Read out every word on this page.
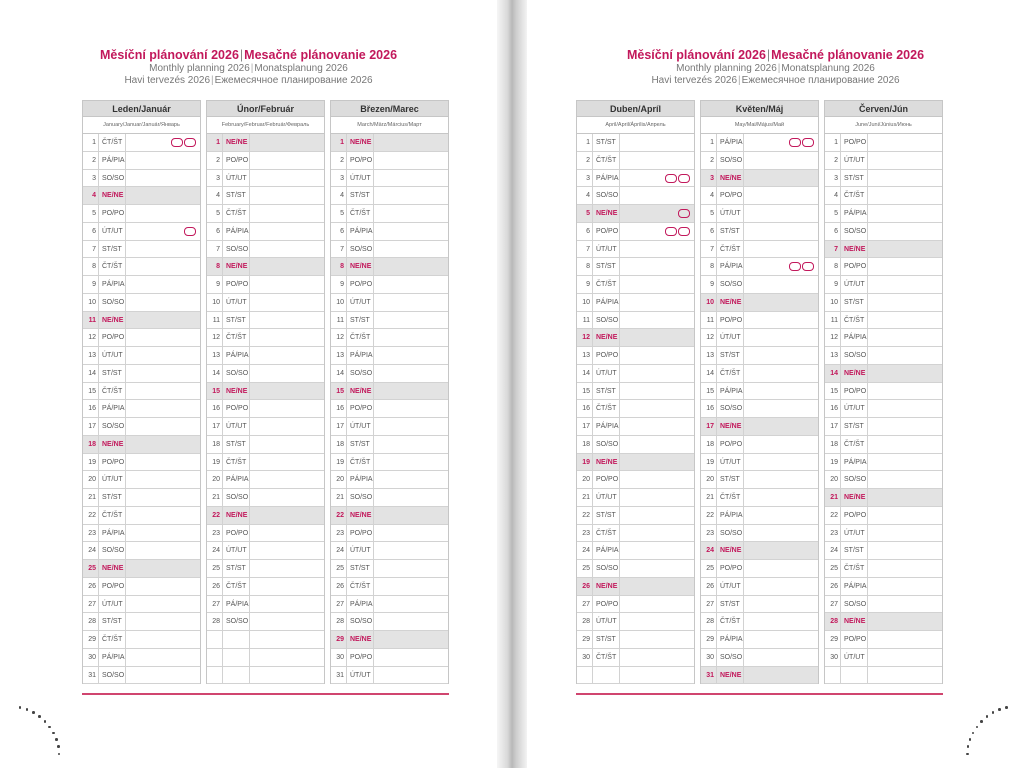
Měsíční plánování 2026|Mesačné plánovanie 2026
Monthly planning 2026|Monatsplanung 2026
Havi tervezés 2026|Ежемесячное планирование 2026
Leden/Január
January/Januar/Január/Январь
1 ČT/ŠT
2 PÁ/PIA
3 SO/SO
4 NE/NE
5 PO/PO
6 ÚT/UT
7 ST/ST
8 ČT/ŠT
9 PÁ/PIA
10 SO/SO
11 NE/NE
12 PO/PO
13 ÚT/UT
14 ST/ST
15 ČT/ŠT
16 PÁ/PIA
17 SO/SO
18 NE/NE
19 PO/PO
20 ÚT/UT
21 ST/ST
22 ČT/ŠT
23 PÁ/PIA
24 SO/SO
25 NE/NE
26 PO/PO
27 ÚT/UT
28 ST/ST
29 ČT/ŠT
30 PÁ/PIA
31 SO/SO
Únor/Február
February/Februar/Február/Февраль
1 NE/NE
2 PO/PO
3 ÚT/UT
4 ST/ST
5 ČT/ŠT
6 PÁ/PIA
7 SO/SO
8 NE/NE
9 PO/PO
10 ÚT/UT
11 ST/ST
12 ČT/ŠT
13 PÁ/PIA
14 SO/SO
15 NE/NE
16 PO/PO
17 ÚT/UT
18 ST/ST
19 ČT/ŠT
20 PÁ/PIA
21 SO/SO
22 NE/NE
23 PO/PO
24 ÚT/UT
25 ST/ST
26 ČT/ŠT
27 PÁ/PIA
28 SO/SO
Březen/Marec
March/März/Március/Март
1 NE/NE
2 PO/PO
3 ÚT/UT
4 ST/ST
5 ČT/ŠT
6 PÁ/PIA
7 SO/SO
8 NE/NE
9 PO/PO
10 ÚT/UT
11 ST/ST
12 ČT/ŠT
13 PÁ/PIA
14 SO/SO
15 NE/NE
16 PO/PO
17 ÚT/UT
18 ST/ST
19 ČT/ŠT
20 PÁ/PIA
21 SO/SO
22 NE/NE
23 PO/PO
24 ÚT/UT
25 ST/ST
26 ČT/ŠT
27 PÁ/PIA
28 SO/SO
29 NE/NE
30 PO/PO
31 ÚT/UT
Měsíční plánování 2026|Mesačné plánovanie 2026
Monthly planning 2026|Monatsplanung 2026
Havi tervezés 2026|Ежемесячное планирование 2026
Duben/Apríl
April/April/Április/Апрель
1 ST/ST
2 ČT/ŠT
3 PÁ/PIA
4 SO/SO
5 NE/NE
6 PO/PO
7 ÚT/UT
8 ST/ST
9 ČT/ŠT
10 PÁ/PIA
11 SO/SO
12 NE/NE
13 PO/PO
14 ÚT/UT
15 ST/ST
16 ČT/ŠT
17 PÁ/PIA
18 SO/SO
19 NE/NE
20 PO/PO
21 ÚT/UT
22 ST/ST
23 ČT/ŠT
24 PÁ/PIA
25 SO/SO
26 NE/NE
27 PO/PO
28 ÚT/UT
29 ST/ST
30 ČT/ŠT
Květen/Máj
May/Mai/Május/Май
1 PÁ/PIA
2 SO/SO
3 NE/NE
4 PO/PO
5 ÚT/UT
6 ST/ST
7 ČT/ŠT
8 PÁ/PIA
9 SO/SO
10 NE/NE
11 PO/PO
12 ÚT/UT
13 ST/ST
14 ČT/ŠT
15 PÁ/PIA
16 SO/SO
17 NE/NE
18 PO/PO
19 ÚT/UT
20 ST/ST
21 ČT/ŠT
22 PÁ/PIA
23 SO/SO
24 NE/NE
25 PO/PO
26 ÚT/UT
27 ST/ST
28 ČT/ŠT
29 PÁ/PIA
30 SO/SO
31 NE/NE
Červen/Jún
June/Juni/Június/Июнь
1 PO/PO
2 ÚT/UT
3 ST/ST
4 ČT/ŠT
5 PÁ/PIA
6 SO/SO
7 NE/NE
8 PO/PO
9 ÚT/UT
10 ST/ST
11 ČT/ŠT
12 PÁ/PIA
13 SO/SO
14 NE/NE
15 PO/PO
16 ÚT/UT
17 ST/ST
18 ČT/ŠT
19 PÁ/PIA
20 SO/SO
21 NE/NE
22 PO/PO
23 ÚT/UT
24 ST/ST
25 ČT/ŠT
26 PÁ/PIA
27 SO/SO
28 NE/NE
29 PO/PO
30 ÚT/UT
